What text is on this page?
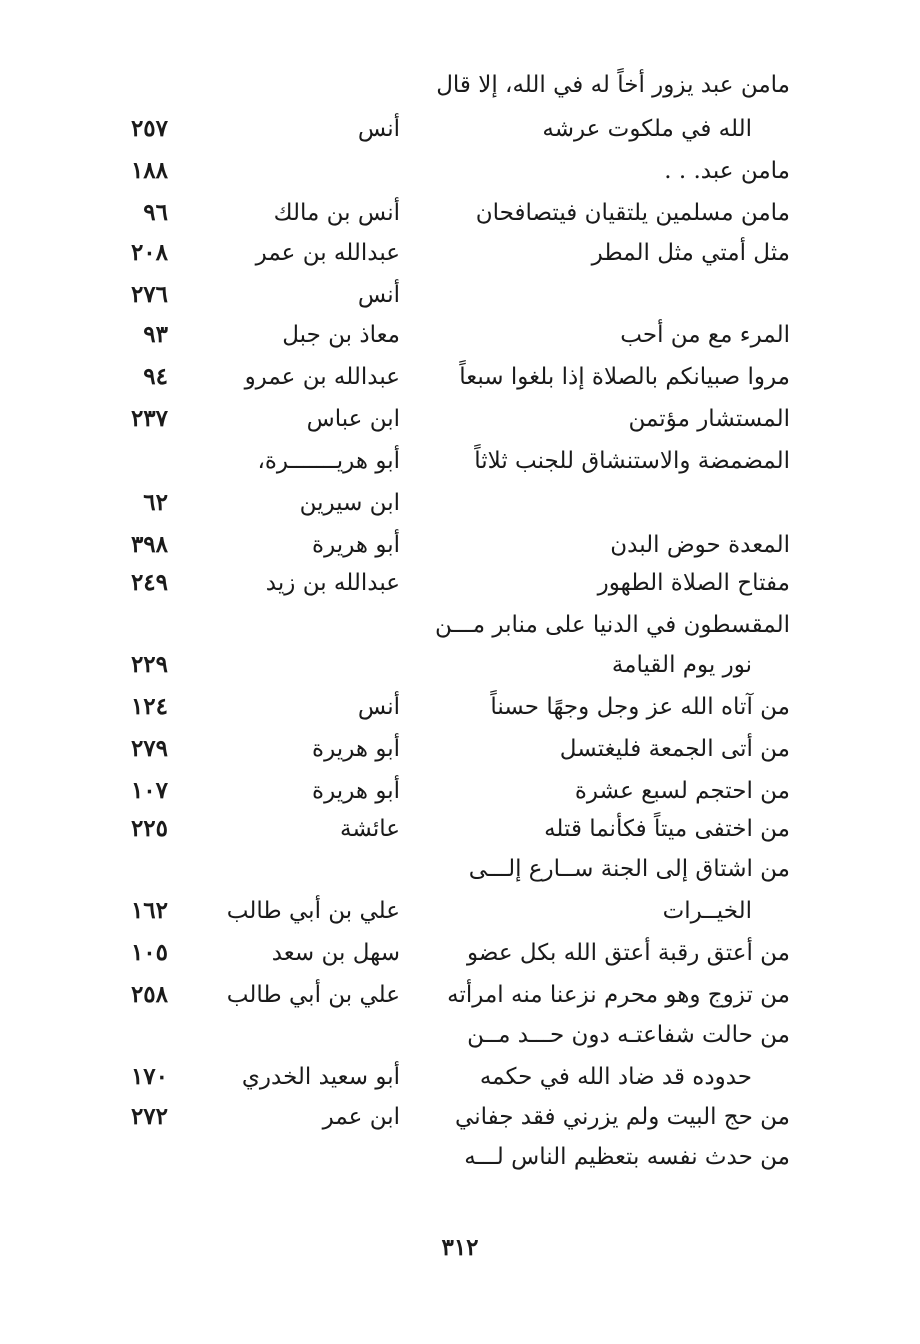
مامن عبد يزور أخاً له في الله، إلا قال
الله في ملكوت عرشه
أنس
٢٥٧
مامن عبد. . .
١٨٨
مامن مسلمين يلتقيان فيتصافحان
أنس بن مالك
٩٦
مثل أمتي مثل المطر
عبدالله بن عمر
٢٠٨
أنس
٢٧٦
المرء مع من أحب
معاذ بن جبل
٩٣
مروا صبيانكم بالصلاة إذا بلغوا سبعاً
عبدالله بن عمرو
٩٤
المستشار مؤتمن
ابن عباس
٢٣٧
المضمضة والاستنشاق للجنب ثلاثاً
أبو هريـــــــرة،
ابن سيرين
٦٢
المعدة حوض البدن
أبو هريرة
٣٩٨
مفتاح الصلاة الطهور
عبدالله بن زيد
٢٤٩
المقسطون في الدنيا على منابر مـــن
نور يوم القيامة
٢٢٩
من آتاه الله عز وجل وجهًا حسناً
أنس
١٢٤
من أتى الجمعة فليغتسل
أبو هريرة
٢٧٩
من احتجم لسبع عشرة
أبو هريرة
١٠٧
من اختفى ميتاً فكأنما قتله
عائشة
٢٢٥
من اشتاق إلى الجنة ســارع إلـــى
الخيــرات
علي بن أبي طالب
١٦٢
من أعتق رقبة أعتق الله بكل عضو
سهل بن سعد
١٠٥
من تزوج وهو محرم نزعنا منه امرأته
علي بن أبي طالب
٢٥٨
من حالت شفاعتـه دون حـــد مــن
حدوده قد ضاد الله في حكمه
أبو سعيد الخدري
١٧٠
من حج البيت ولم يزرني فقد جفاني
ابن عمر
٢٧٢
من حدث نفسه بتعظيم الناس لـــه
٣١٢
